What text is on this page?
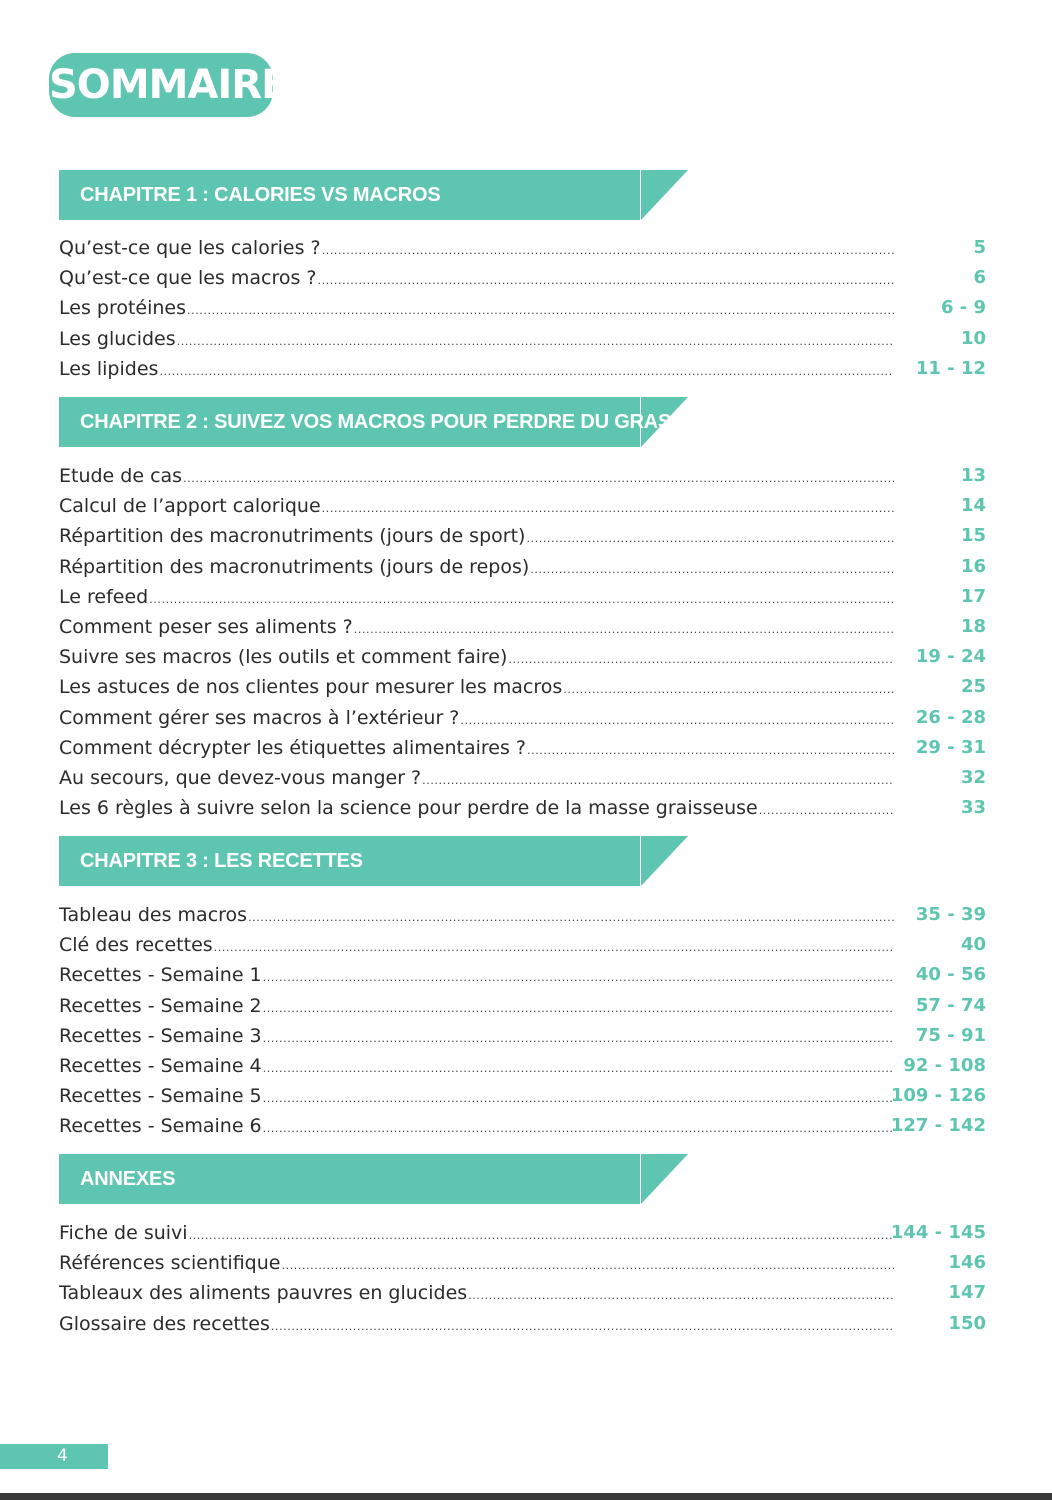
SOMMAIRE
CHAPITRE 1 : CALORIES VS MACROS
Qu’est-ce que les calories ? .....	5
Qu’est-ce que les macros ? .....	6
Les protéines .....	6 - 9
Les glucides .....	10
Les lipides .....	11 - 12
CHAPITRE 2 : SUIVEZ VOS MACROS POUR PERDRE DU GRAS
Etude de cas .....	13
Calcul de l’apport calorique .....	14
Répartition des macronutriments (jours de sport) .....	15
Répartition des macronutriments (jours de repos) .....	16
Le refeed .....	17
Comment peser ses aliments ? .....	18
Suivre ses macros (les outils et comment faire) .....	19 - 24
Les astuces de nos clientes pour mesurer les macros .....	25
Comment gérer ses macros à l’extérieur ? .....	26 - 28
Comment décrypter les étiquettes alimentaires ? .....	29 - 31
Au secours, que devez-vous manger ? .....	32
Les 6 règles à suivre selon la science pour perdre de la masse graisseuse .....	33
CHAPITRE 3 : LES RECETTES
Tableau des macros .....	35 - 39
Clé des recettes .....	40
Recettes - Semaine 1 .....	40 - 56
Recettes - Semaine 2 .....	57 - 74
Recettes - Semaine 3 .....	75 - 91
Recettes - Semaine 4 .....	92 - 108
Recettes - Semaine 5 .....	109 - 126
Recettes - Semaine 6 .....	127 - 142
ANNEXES
Fiche de suivi .....	144 - 145
Références scientifique .....	146
Tableaux des aliments pauvres en glucides .....	147
Glossaire des recettes .....	150
4
